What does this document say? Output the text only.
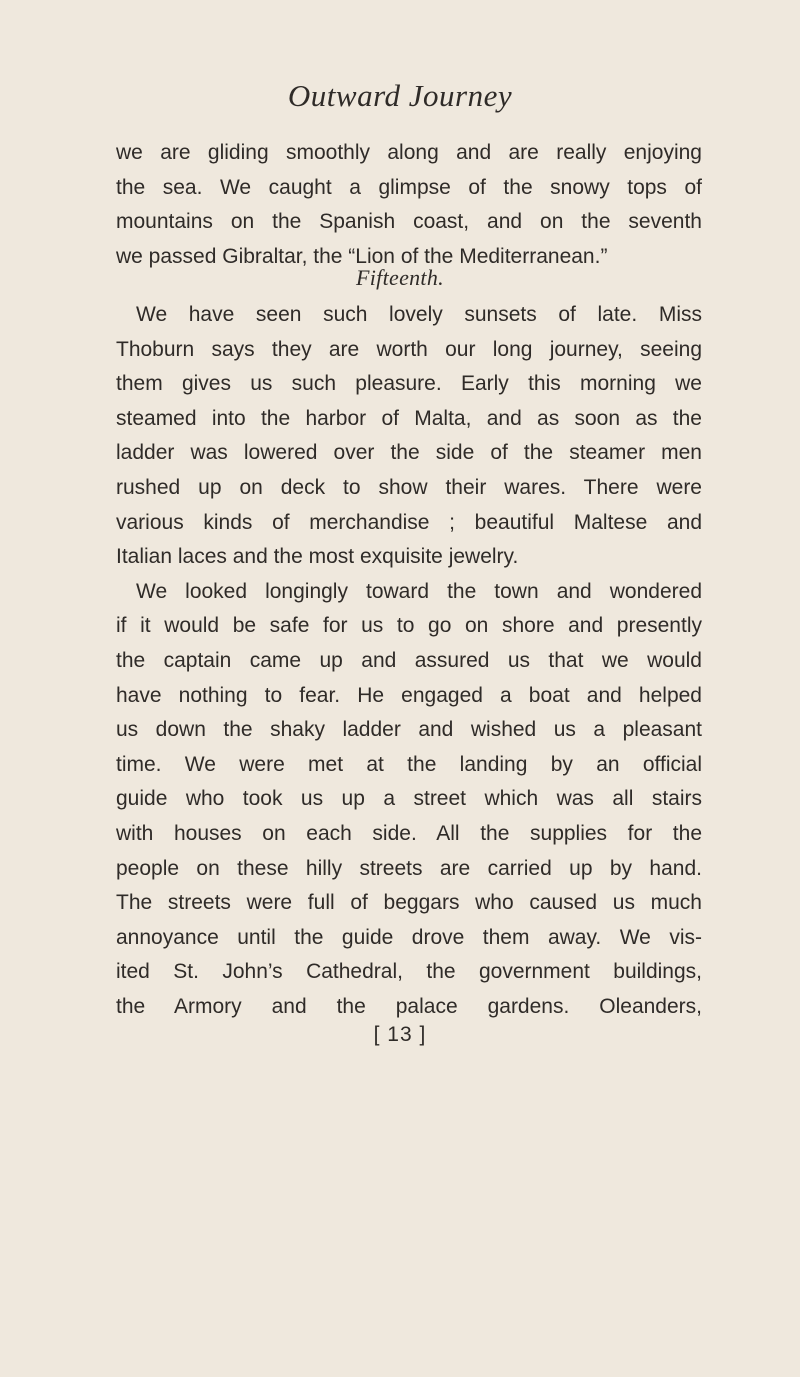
Outward Journey
we are gliding smoothly along and are really enjoying
the sea. We caught a glimpse of the snowy tops of
mountains on the Spanish coast, and on the seventh
we passed Gibraltar, the “Lion of the Mediterranean.”
Fifteenth.
We have seen such lovely sunsets of late. Miss
Thoburn says they are worth our long journey, seeing
them gives us such pleasure. Early this morning we
steamed into the harbor of Malta, and as soon as the
ladder was lowered over the side of the steamer men
rushed up on deck to show their wares. There were
various kinds of merchandise ; beautiful Maltese and
Italian laces and the most exquisite jewelry.
We looked longingly toward the town and wondered
if it would be safe for us to go on shore and presently
the captain came up and assured us that we would
have nothing to fear. He engaged a boat and helped
us down the shaky ladder and wished us a pleasant
time. We were met at the landing by an official
guide who took us up a street which was all stairs
with houses on each side. All the supplies for the
people on these hilly streets are carried up by hand.
The streets were full of beggars who caused us much
annoyance until the guide drove them away. We vis-
ited St. John’s Cathedral, the government buildings,
the Armory and the palace gardens. Oleanders,
[ 13 ]
